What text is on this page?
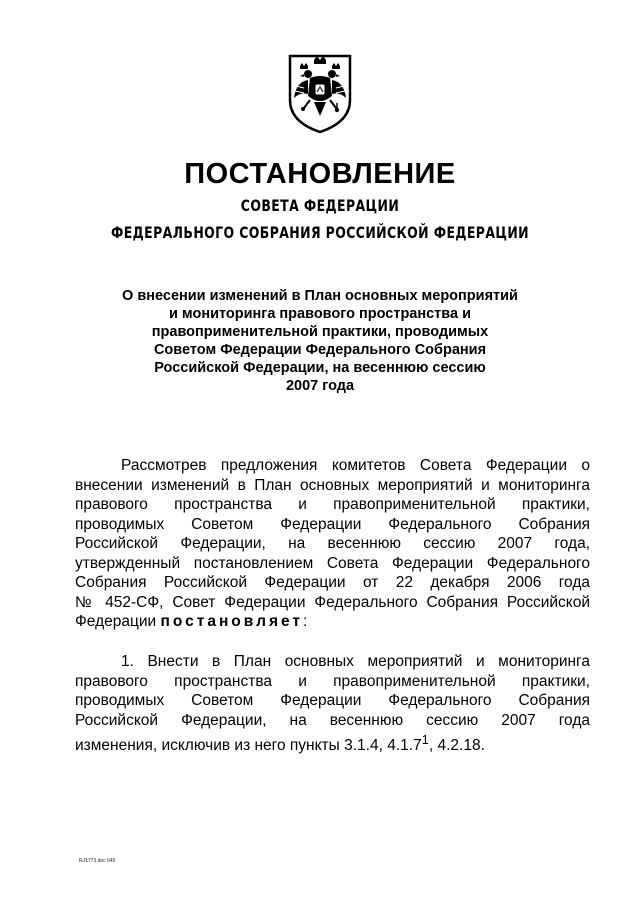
ПОСТАНОВЛЕНИЕ

СОВЕТА ФЕДЕРАЦИИ

ФЕДЕРАЛЬНОГО СОБРАНИЯ РОССИЙСКОЙ ФЕДЕРАЦИИ

О внесении изменений в План основных мероприятий
и мониторинга правового пространства и
правоприменительной практики, проводимых
Советом Федерации Федерального Собрания
Российской Федерации, на весеннюю сессию
2007 года

Рассмотрев предложения комитетов Совета Федерации о
внесении изменений в План основных мероприятий и мониторинга
правового пространства и правоприменительной практики,
проводимых Советом Федерации Федерального Собрания
Российской Федерации, на весеннюю сессию 2007 года,
утвержденный постановлением Совета Федерации Федерального
Собрания Российской Федерации от 22 декабря 2006 года
№ 452-СФ, Совет Федерации Федерального Собрания Российской
Федерации постановляет:

1. Внести в План основных мероприятий и мониторинга
правового пространства и правоприменительной практики,
проводимых Советом Федерации Федерального Собрания
Российской Федерации, на весеннюю сессию 2007 года
изменения, исключив из него пункты 3.1.4, 4.1.7$^1$, 4.2.18.

RJ1773.doc 645
